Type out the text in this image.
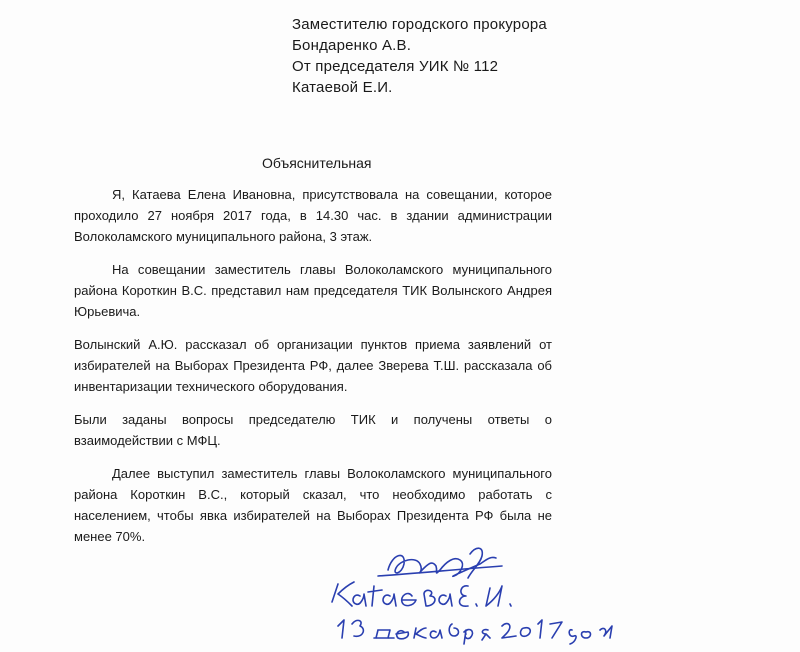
Заместителю городского прокурора
Бондаренко А.В.
От председателя УИК № 112
Катаевой Е.И.
Объяснительная
Я, Катаева Елена Ивановна, присутствовала на совещании, которое
проходило 27 ноября 2017 года, в 14.30 час. в здании администрации
Волоколамского муниципального района, 3 этаж.
На совещании заместитель главы Волоколамского муниципального
района Короткин В.С. представил нам председателя ТИК Волынского Андрея
Юрьевича.
Волынский А.Ю. рассказал об организации пунктов приема заявлений от
избирателей на Выборах Президента РФ, далее Зверева Т.Ш. рассказала об
инвентаризации технического оборудования.
Были заданы вопросы председателю ТИК и получены ответы о
взаимодействии с МФЦ.
Далее выступил заместитель главы Волоколамского муниципального
района Короткин В.С., который сказал, что необходимо работать с
населением, чтобы явка избирателей на Выборах Президента РФ была не
менее 70%.
